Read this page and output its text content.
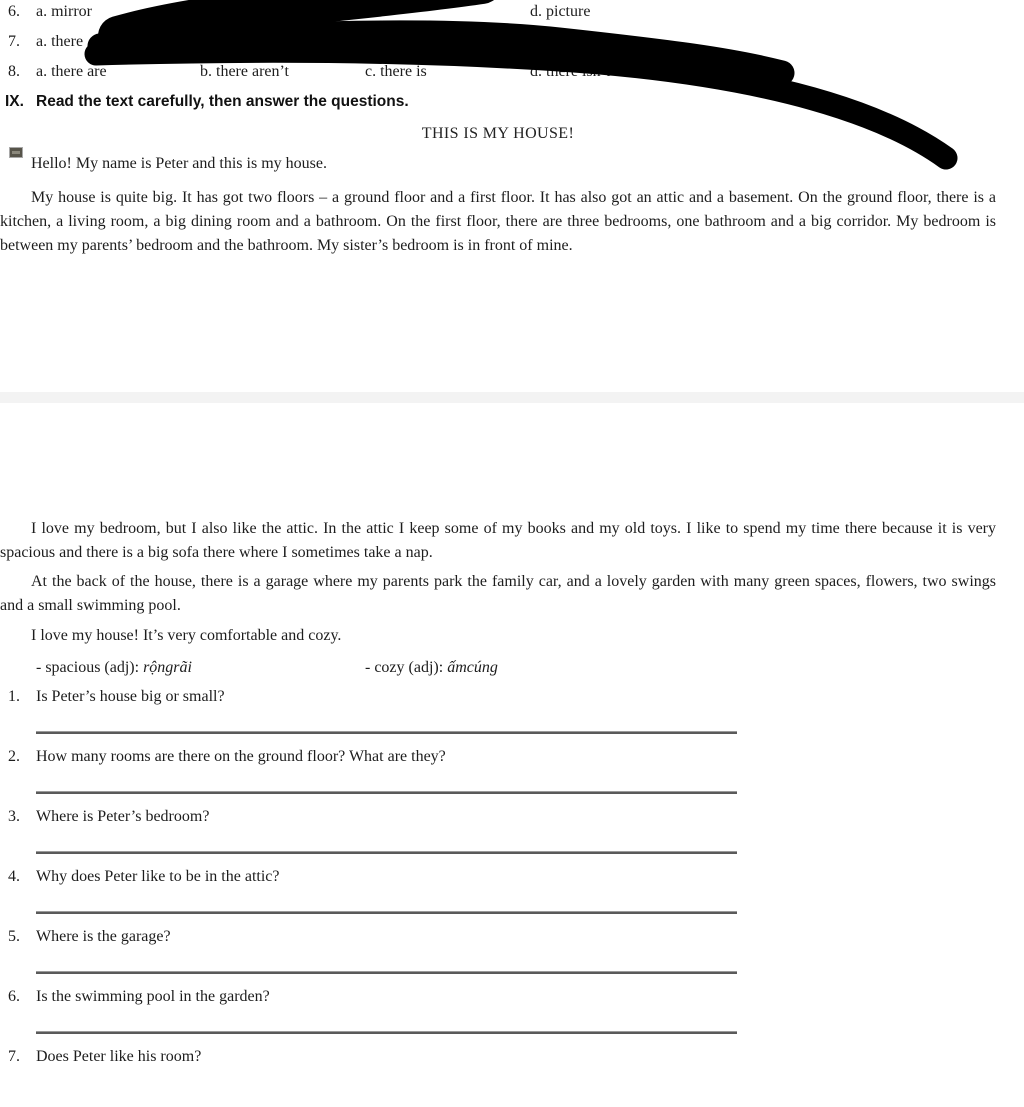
6. a. mirror	d. picture
7. a. there
8. a. there are	b. there aren’t	c. there is	d. there isn’t
IX. Read the text carefully, then answer the questions.
THIS IS MY HOUSE!
Hello! My name is Peter and this is my house.
My house is quite big. It has got two floors – a ground floor and a first floor. It has also got an attic and a basement. On the ground floor, there is a kitchen, a living room, a big dining room and a bathroom. On the first floor, there are three bedrooms, one bathroom and a big corridor. My bedroom is between my parents’ bedroom and the bathroom. My sister’s bedroom is in front of mine.
I love my bedroom, but I also like the attic. In the attic I keep some of my books and my old toys. I like to spend my time there because it is very spacious and there is a big sofa there where I sometimes take a nap.
At the back of the house, there is a garage where my parents park the family car, and a lovely garden with many green spaces, flowers, two swings and a small swimming pool.
I love my house! It’s very comfortable and cozy.
- spacious (adj): rộngrãi	- cozy (adj): ấmcúng
1. Is Peter’s house big or small?
2. How many rooms are there on the ground floor? What are they?
3. Where is Peter’s bedroom?
4. Why does Peter like to be in the attic?
5. Where is the garage?
6. Is the swimming pool in the garden?
7. Does Peter like his room?
